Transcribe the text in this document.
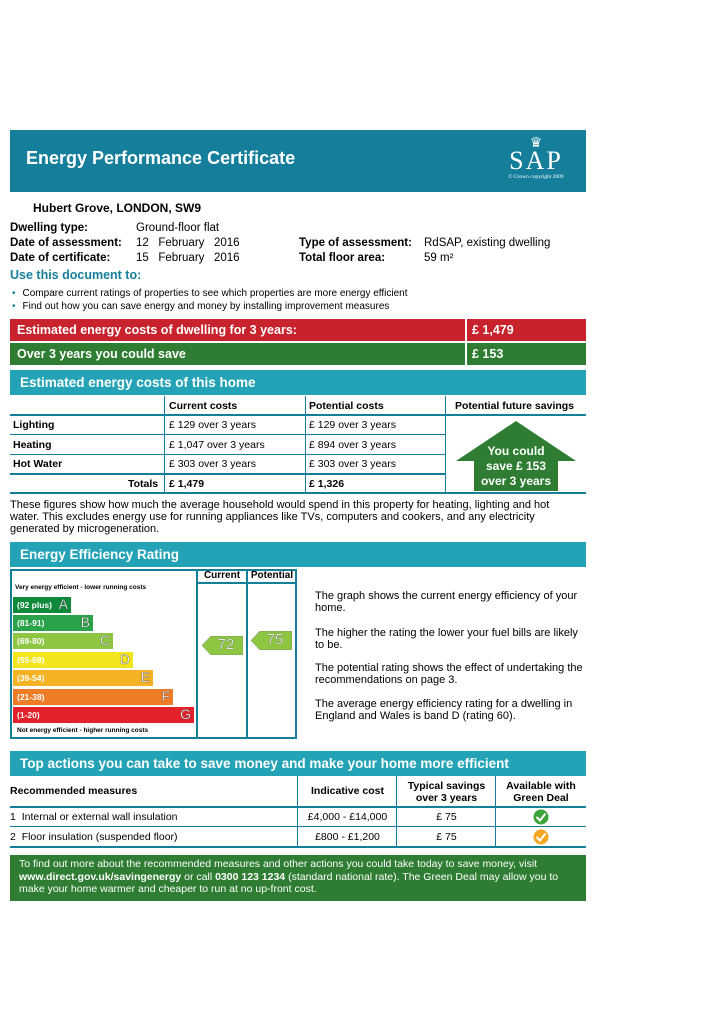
Energy Performance Certificate
♛
SAP
© Crown copyright 2009
Hubert Grove, LONDON, SW9
Dwelling type:	Ground-floor flat
Date of assessment: 12   February   2016
Date of certificate: 15   February   2016
Type of assessment: RdSAP, existing dwelling
Total floor area:	59 m²
Use this document to:
• Compare current ratings of properties to see which properties are more energy efficient
• Find out how you can save energy and money by installing improvement measures
Estimated energy costs of dwelling for 3 years:	£ 1,479
Over 3 years you could save	£ 153
Estimated energy costs of this home
Current costs	Potential costs	Potential future savings
Lighting	£ 129 over 3 years	£ 129 over 3 years
Heating	£ 1,047 over 3 years	£ 894 over 3 years
Hot Water	£ 303 over 3 years	£ 303 over 3 years
Totals £ 1,479	£ 1,326
You could
save £ 153
over 3 years
These figures show how much the average household would spend in this property for heating, lighting and hot water. This excludes energy use for running appliances like TVs, computers and cookers, and any electricity generated by microgeneration.
Energy Efficiency Rating
Current	Potential
Very energy efficient - lower running costs
(92 plus) A
(81-91)	B
(69-80)	C
(55-68)	D
(39-54)	E
(21-38)	F
(1-20)	G
Not energy efficient - higher running costs
72	75
The graph shows the current energy efficiency of your home.
The higher the rating the lower your fuel bills are likely to be.
The potential rating shows the effect of undertaking the recommendations on page 3.
The average energy efficiency rating for a dwelling in England and Wales is band D (rating 60).
Top actions you can take to save money and make your home more efficient
Recommended measures	Indicative cost	Typical savings
over 3 years
Available with
Green Deal
1 Internal or external wall insulation	£4,000 - £14,000	£ 75
2 Floor insulation (suspended floor)	£800 - £1,200	£ 75
To find out more about the recommended measures and other actions you could take today to save money, visit www.direct.gov.uk/savingenergy or call 0300 123 1234 (standard national rate). The Green Deal may allow you to make your home warmer and cheaper to run at no up-front cost.
